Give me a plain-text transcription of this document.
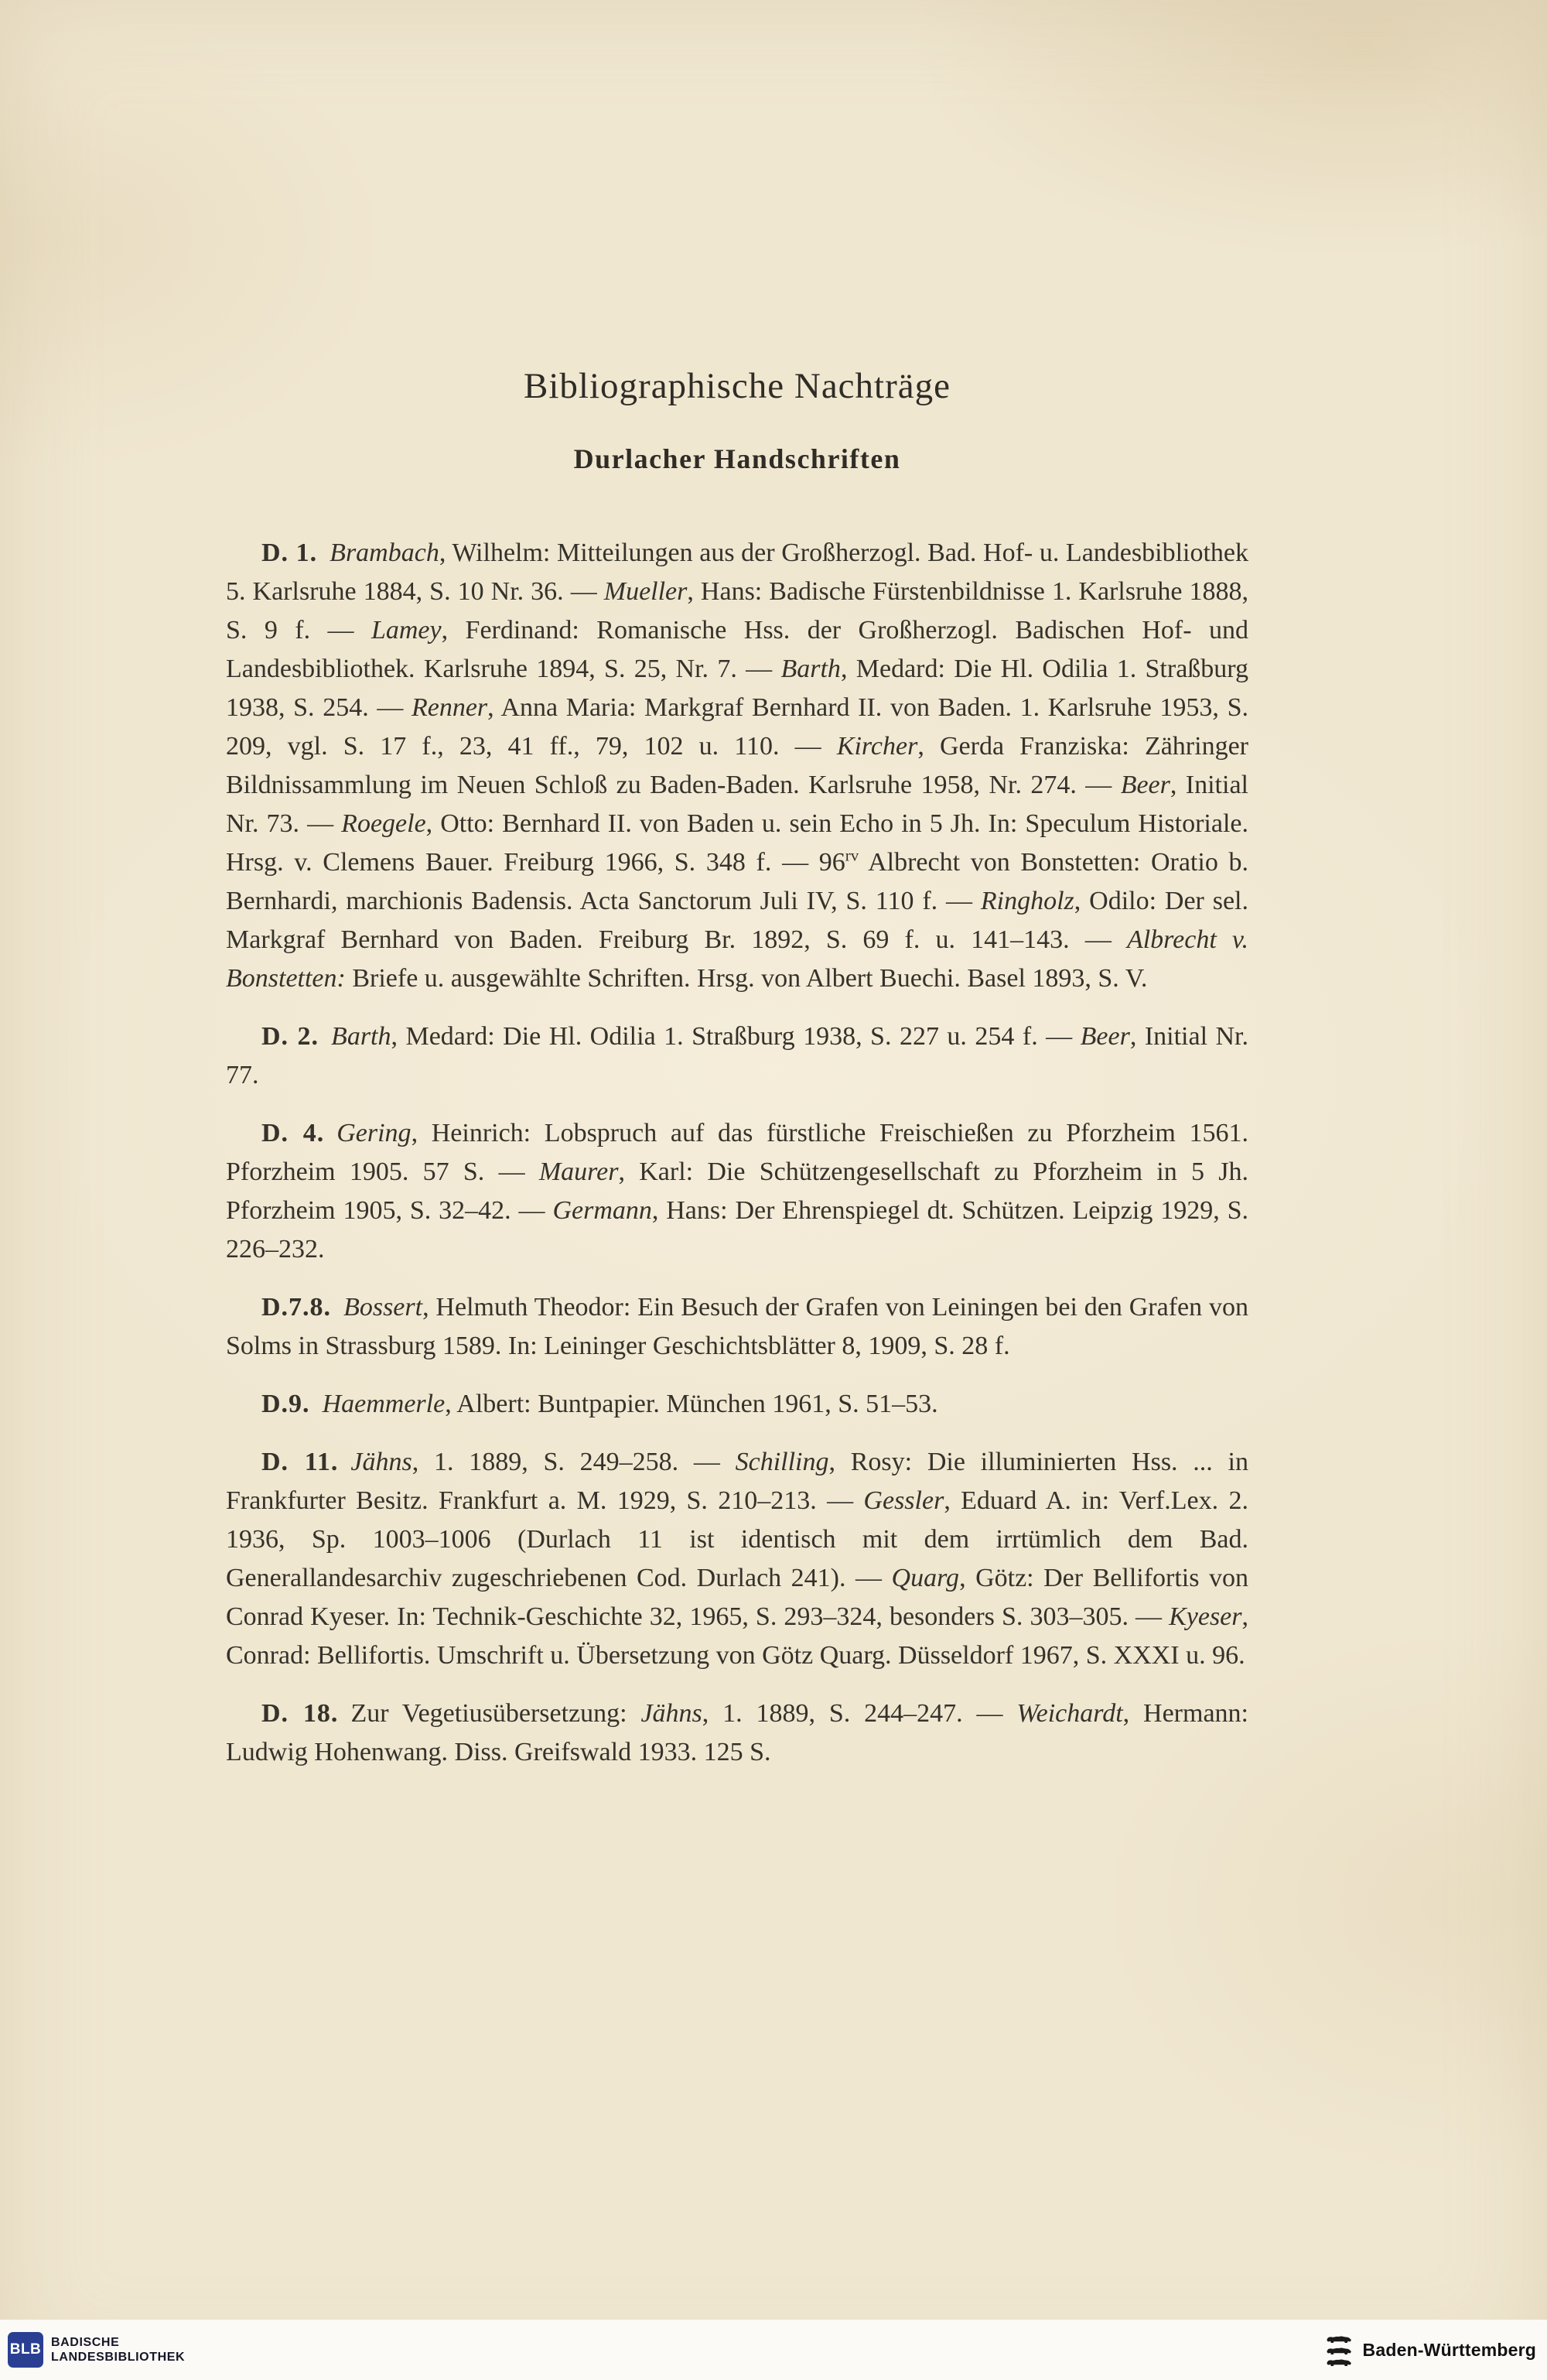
Bibliographische Nachträge
Durlacher Handschriften

D. 1. Brambach, Wilhelm: Mitteilungen aus der Großherzogl. Bad. Hof- u. Landesbibliothek 5. Karlsruhe 1884, S. 10 Nr. 36. — Mueller, Hans: Badische Fürstenbildnisse 1. Karlsruhe 1888, S. 9 f. — Lamey, Ferdinand: Romanische Hss. der Großherzogl. Badischen Hof- und Landesbibliothek. Karlsruhe 1894, S. 25, Nr. 7. — Barth, Medard: Die Hl. Odilia 1. Straßburg 1938, S. 254. — Renner, Anna Maria: Markgraf Bernhard II. von Baden. 1. Karlsruhe 1953, S. 209, vgl. S. 17 f., 23, 41 ff., 79, 102 u. 110. — Kircher, Gerda Franziska: Zähringer Bildnissammlung im Neuen Schloß zu Baden-Baden. Karlsruhe 1958, Nr. 274. — Beer, Initial Nr. 73. — Roegele, Otto: Bernhard II. von Baden u. sein Echo in 5 Jh. In: Speculum Historiale. Hrsg. v. Clemens Bauer. Freiburg 1966, S. 348 f. — $96^{rv}$ Albrecht von Bonstetten: Oratio b. Bernhardi, marchionis Badensis. Acta Sanctorum Juli IV, S. 110 f. — Ringholz, Odilo: Der sel. Markgraf Bernhard von Baden. Freiburg Br. 1892, S. 69 f. u. 141–143. — Albrecht v. Bonstetten: Briefe u. ausgewählte Schriften. Hrsg. von Albert Buechi. Basel 1893, S. V.

D. 2. Barth, Medard: Die Hl. Odilia 1. Straßburg 1938, S. 227 u. 254 f. — Beer, Initial Nr. 77.

D. 4. Gering, Heinrich: Lobspruch auf das fürstliche Freischießen zu Pforzheim 1561. Pforzheim 1905. 57 S. — Maurer, Karl: Die Schützengesellschaft zu Pforzheim in 5 Jh. Pforzheim 1905, S. 32–42. — Germann, Hans: Der Ehrenspiegel dt. Schützen. Leipzig 1929, S. 226–232.

D.7.8. Bossert, Helmuth Theodor: Ein Besuch der Grafen von Leiningen bei den Grafen von Solms in Strassburg 1589. In: Leininger Geschichtsblätter 8, 1909, S. 28 f.

D.9. Haemmerle, Albert: Buntpapier. München 1961, S. 51–53.

D. 11. Jähns, 1. 1889, S. 249–258. — Schilling, Rosy: Die illuminierten Hss. ... in Frankfurter Besitz. Frankfurt a. M. 1929, S. 210–213. — Gessler, Eduard A. in: Verf.Lex. 2. 1936, Sp. 1003–1006 (Durlach 11 ist identisch mit dem irrtümlich dem Bad. Generallandesarchiv zugeschriebenen Cod. Durlach 241). — Quarg, Götz: Der Bellifortis von Conrad Kyeser. In: Technik-Geschichte 32, 1965, S. 293–324, besonders S. 303–305. — Kyeser, Conrad: Bellifortis. Umschrift u. Übersetzung von Götz Quarg. Düsseldorf 1967, S. XXXI u. 96.

D. 18. Zur Vegetiusübersetzung: Jähns, 1. 1889, S. 244–247. — Weichardt, Hermann: Ludwig Hohenwang. Diss. Greifswald 1933. 125 S.

BLB BADISCHE
LANDESBIBLIOTHEK	Baden-Württemberg
